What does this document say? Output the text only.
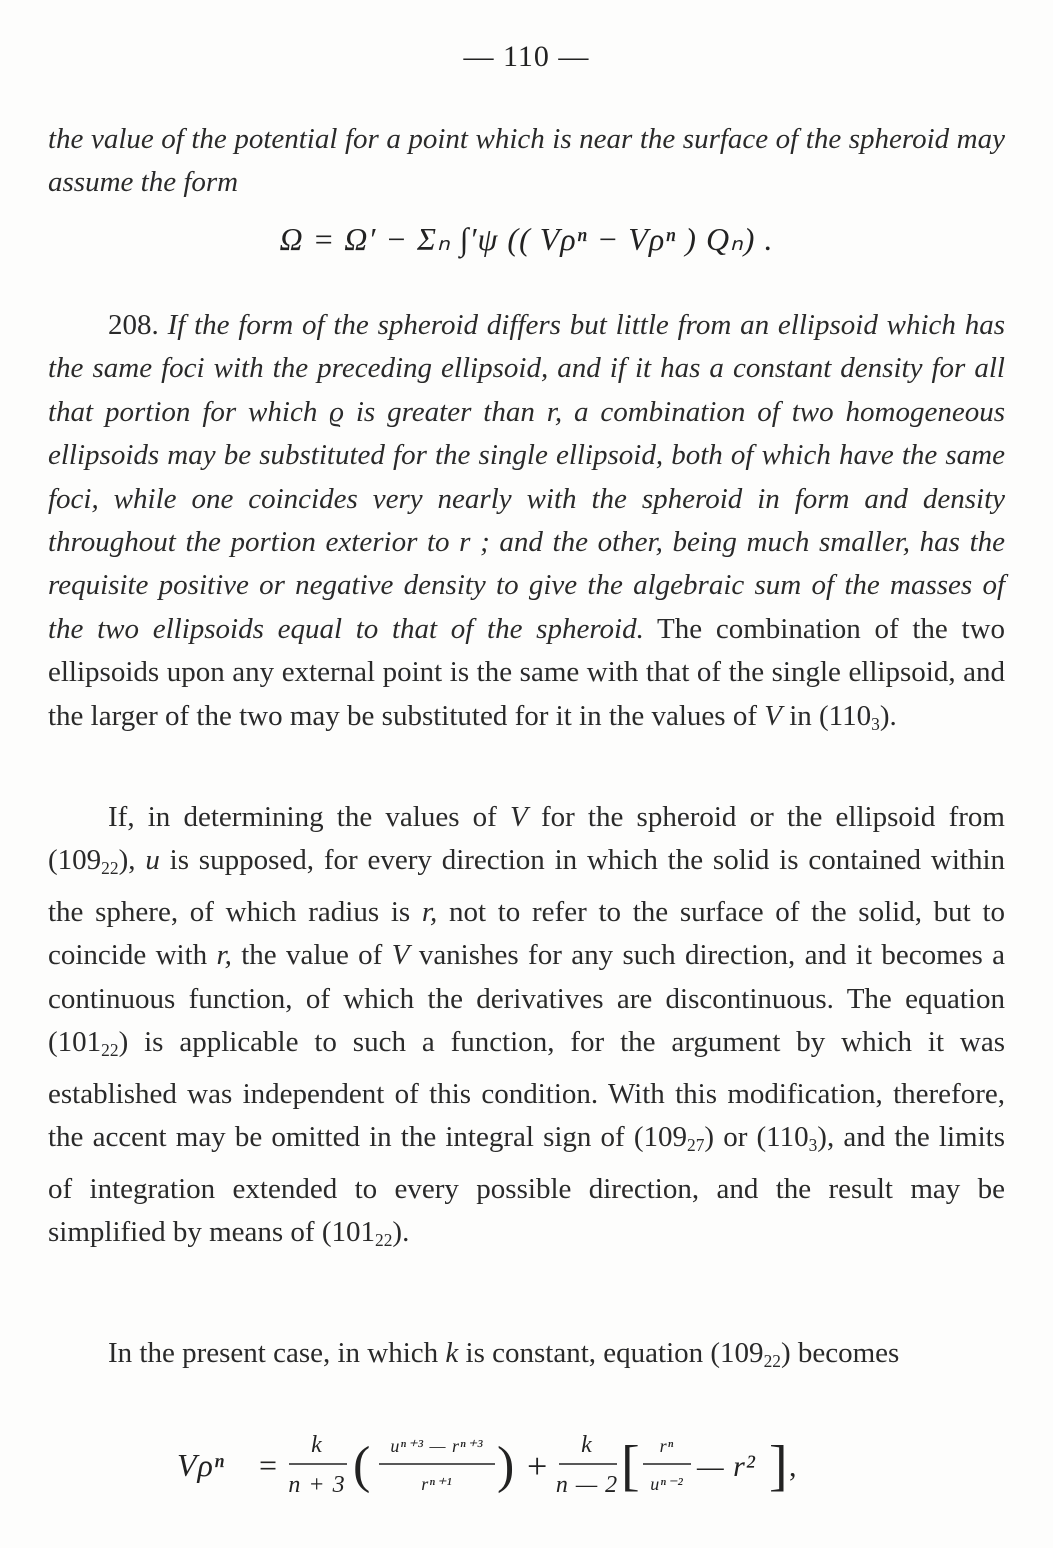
— 110 —
the value of the potential for a point which is near the surface of the spheroid may assume the form
Ω = Ω′ − Σₙ ∫′ψ (( Vρⁿ − Vρⁿ ) Qₙ) .
208. If the form of the spheroid differs but little from an ellipsoid which has the same foci with the preceding ellipsoid, and if it has a constant density for all that portion for which ϱ is greater than r, a combination of two homogeneous ellipsoids may be substituted for the single ellipsoid, both of which have the same foci, while one coincides very nearly with the spheroid in form and density throughout the portion exterior to r ; and the other, being much smaller, has the requisite positive or negative density to give the algebraic sum of the masses of the two ellipsoids equal to that of the spheroid. The combination of the two ellipsoids upon any external point is the same with that of the single ellipsoid, and the larger of the two may be substituted for it in the values of V in $(110_3)$.
If, in determining the values of V for the spheroid or the ellipsoid from $(109_{22})$, u is supposed, for every direction in which the solid is contained within the sphere, of which radius is r, not to refer to the surface of the solid, but to coincide with r, the value of V vanishes for any such direction, and it becomes a continuous function, of which the derivatives are discontinuous. The equation $(101_{22})$ is applicable to such a function, for the argument by which it was established was independent of this condition. With this modification, therefore, the accent may be omitted in the integral sign of $(109_{27})$ or $(110_3)$, and the limits of integration extended to every possible direction, and the result may be simplified by means of $(101_{22})$.
In the present case, in which k is constant, equation $(109_{22})$ becomes
Vρⁿ =
k
n + 3 ( uⁿ⁺³ — rⁿ⁺³
rⁿ⁺¹ ) +
k
n — 2 [ rⁿ
uⁿ⁻²
— r² ] ,
